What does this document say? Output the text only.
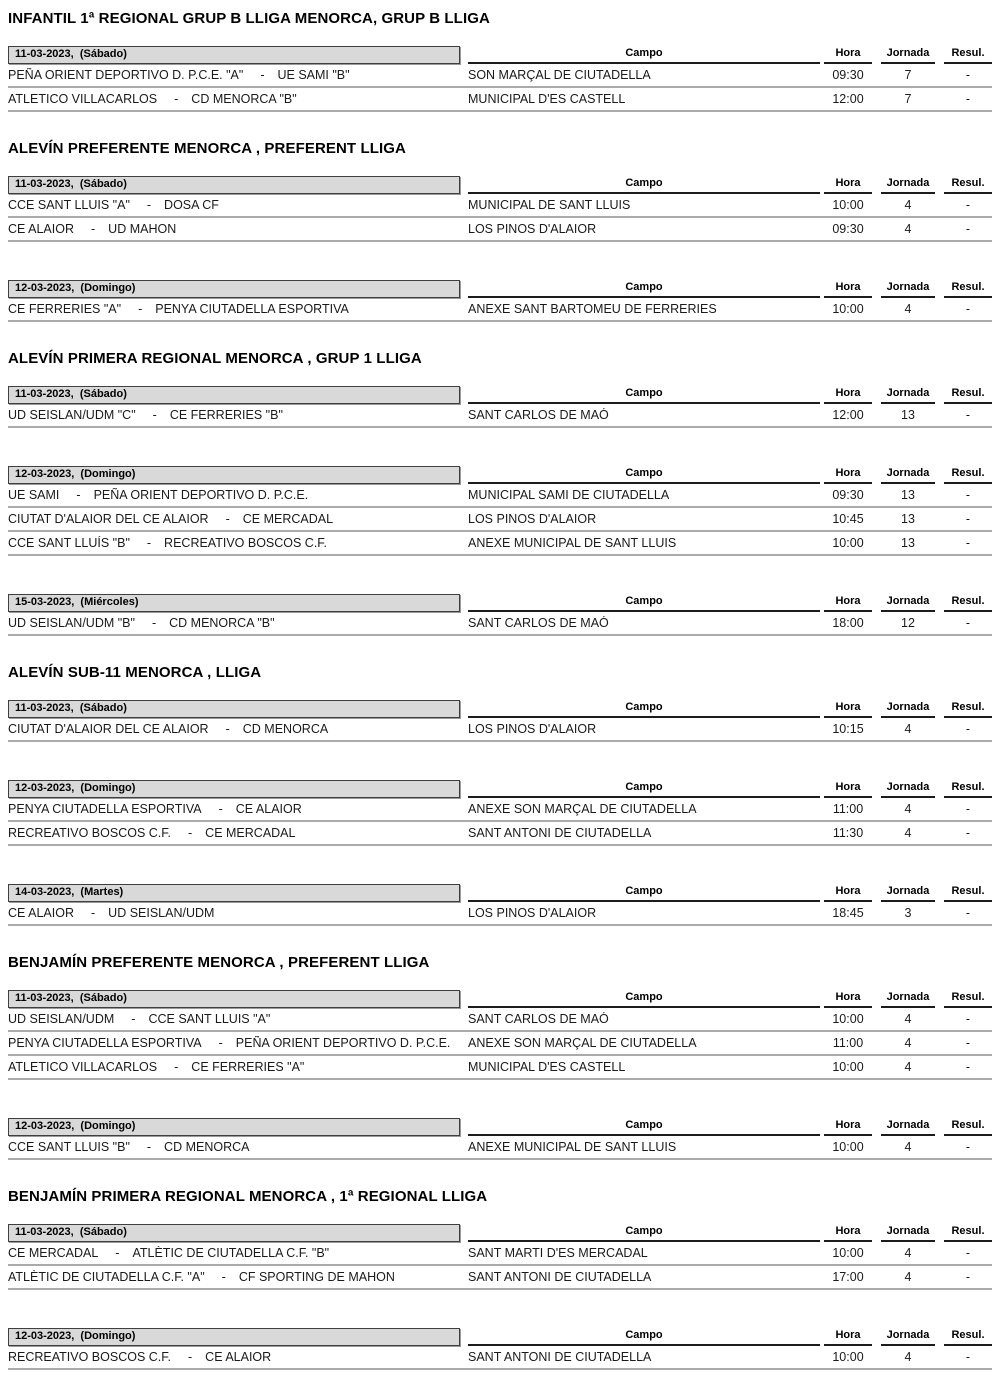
INFANTIL 1ª REGIONAL GRUP B LLIGA MENORCA, GRUP B LLIGA
11-03-2023,  (Sábado)	Campo	Hora	Jornada	Resul.
PEÑA ORIENT DEPORTIVO D. P.C.E. "A" - UE SAMI "B"	SON MARÇAL DE CIUTADELLA	09:30	7	-
ATLETICO VILLACARLOS - CD MENORCA "B"	MUNICIPAL D'ES CASTELL	12:00	7	-
ALEVÍN PREFERENTE MENORCA , PREFERENT LLIGA
11-03-2023,  (Sábado)	Campo	Hora	Jornada	Resul.
CCE SANT LLUIS "A" - DOSA CF	MUNICIPAL DE SANT LLUIS	10:00	4	-
CE ALAIOR - UD MAHON	LOS PINOS D'ALAIOR	09:30	4	-
12-03-2023,  (Domingo)	Campo	Hora	Jornada	Resul.
CE FERRERIES "A" - PENYA CIUTADELLA ESPORTIVA	ANEXE SANT BARTOMEU DE FERRERIES	10:00	4	-
ALEVÍN PRIMERA REGIONAL MENORCA , GRUP 1 LLIGA
11-03-2023,  (Sábado)	Campo	Hora	Jornada	Resul.
UD SEISLAN/UDM "C" - CE FERRERIES "B"	SANT CARLOS DE MAÓ	12:00	13	-
12-03-2023,  (Domingo)	Campo	Hora	Jornada	Resul.
UE SAMI - PEÑA ORIENT DEPORTIVO D. P.C.E.	MUNICIPAL SAMI DE CIUTADELLA	09:30	13	-
CIUTAT D'ALAIOR DEL CE ALAIOR - CE MERCADAL	LOS PINOS D'ALAIOR	10:45	13	-
CCE SANT LLUÍS "B" - RECREATIVO BOSCOS C.F.	ANEXE MUNICIPAL DE SANT LLUIS	10:00	13	-
15-03-2023,  (Miércoles)	Campo	Hora	Jornada	Resul.
UD SEISLAN/UDM "B" - CD MENORCA "B"	SANT CARLOS DE MAÓ	18:00	12	-
ALEVÍN SUB-11 MENORCA , LLIGA
11-03-2023,  (Sábado)	Campo	Hora	Jornada	Resul.
CIUTAT D'ALAIOR DEL CE ALAIOR - CD MENORCA	LOS PINOS D'ALAIOR	10:15	4	-
12-03-2023,  (Domingo)	Campo	Hora	Jornada	Resul.
PENYA CIUTADELLA ESPORTIVA - CE ALAIOR	ANEXE SON MARÇAL DE CIUTADELLA	11:00	4	-
RECREATIVO BOSCOS C.F. - CE MERCADAL	SANT ANTONI DE CIUTADELLA	11:30	4	-
14-03-2023,  (Martes)	Campo	Hora	Jornada	Resul.
CE ALAIOR - UD SEISLAN/UDM	LOS PINOS D'ALAIOR	18:45	3	-
BENJAMÍN PREFERENTE MENORCA , PREFERENT LLIGA
11-03-2023,  (Sábado)	Campo	Hora	Jornada	Resul.
UD SEISLAN/UDM - CCE SANT LLUIS "A"	SANT CARLOS DE MAÓ	10:00	4	-
PENYA CIUTADELLA ESPORTIVA - PEÑA ORIENT DEPORTIVO D. P.C.E.	ANEXE SON MARÇAL DE CIUTADELLA	11:00	4	-
ATLETICO VILLACARLOS - CE FERRERIES "A"	MUNICIPAL D'ES CASTELL	10:00	4	-
12-03-2023,  (Domingo)	Campo	Hora	Jornada	Resul.
CCE SANT LLUIS "B" - CD MENORCA	ANEXE MUNICIPAL DE SANT LLUIS	10:00	4	-
BENJAMÍN PRIMERA REGIONAL MENORCA , 1ª REGIONAL LLIGA
11-03-2023,  (Sábado)	Campo	Hora	Jornada	Resul.
CE MERCADAL - ATLÈTIC DE CIUTADELLA C.F. "B"	SANT MARTI D'ES MERCADAL	10:00	4	-
ATLÈTIC DE CIUTADELLA C.F. "A" - CF SPORTING DE MAHON	SANT ANTONI DE CIUTADELLA	17:00	4	-
12-03-2023,  (Domingo)	Campo	Hora	Jornada	Resul.
RECREATIVO BOSCOS C.F. - CE ALAIOR	SANT ANTONI DE CIUTADELLA	10:00	4	-
